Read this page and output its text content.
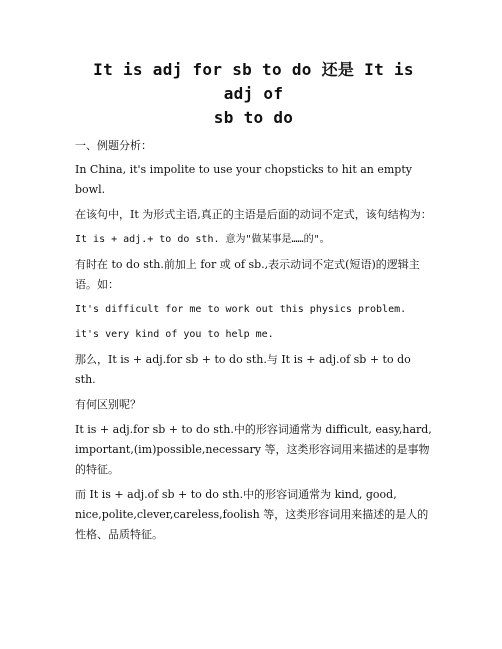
It is adj for sb to do 还是 It is adj of
sb to do
一、例题分析：

In China, it's impolite to use your chopsticks to hit an empty bowl.

在该句中，It 为形式主语,真正的主语是后面的动词不定式，该句结构为：

It is + adj.+ to do sth. 意为"做某事是……的"。

有时在 to do sth.前加上 for 或 of sb.,表示动词不定式(短语)的逻辑主语。如：

It's difficult for me to work out this physics problem.

it's very kind of you to help me.

那么，It is + adj.for sb + to do sth.与 It is + adj.of sb + to do sth.

有何区别呢？

It is + adj.for sb + to do sth.中的形容词通常为 difficult, easy,hard, important,(im)possible,necessary 等，这类形容词用来描述的是事物的特征。

而 It is + adj.of sb + to do sth.中的形容词通常为 kind, good, nice,polite,clever,careless,foolish 等，这类形容词用来描述的是人的性格、品质特征。
